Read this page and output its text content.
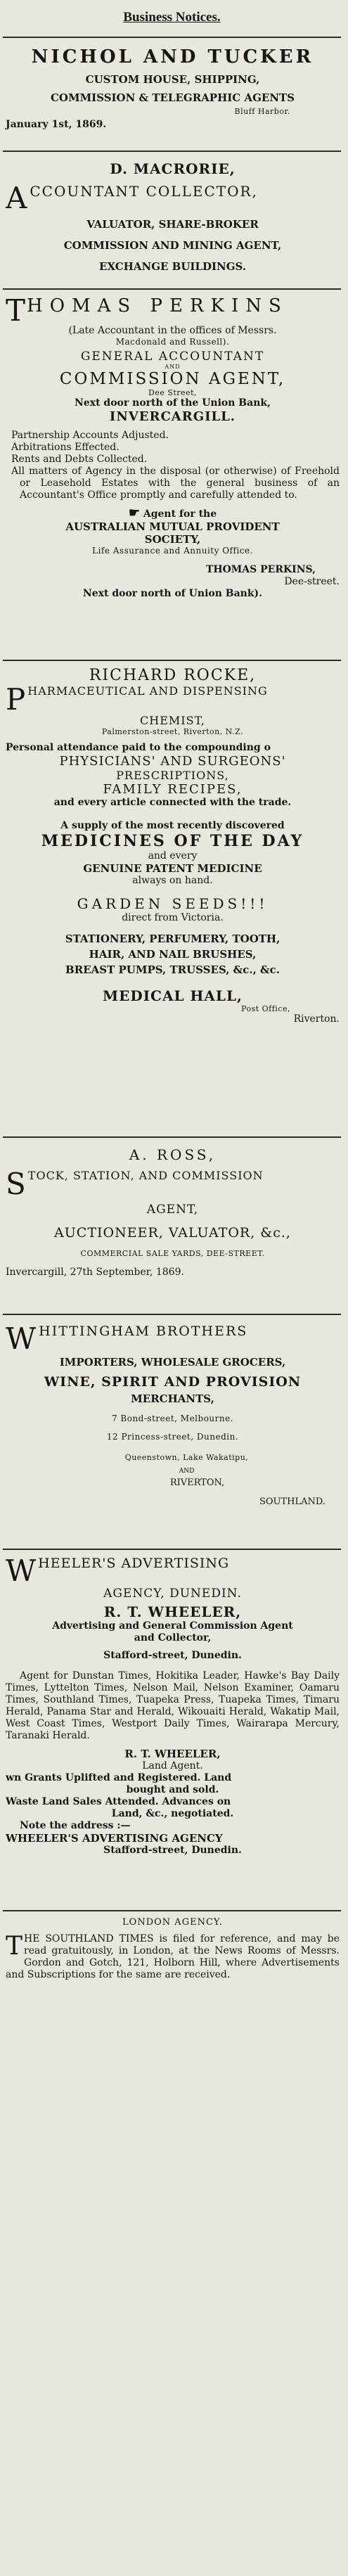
Business Notices.
NICHOL AND TUCKER
CUSTOM HOUSE, SHIPPING,
COMMISSION & TELEGRAPHIC AGENTS
Bluff Harbor.
January 1st, 1869.
D. MACRORIE,
A CCOUNTANT COLLECTOR,
VALUATOR, SHARE-BROKER
COMMISSION AND MINING AGENT,
EXCHANGE BUILDINGS.
T HOMAS PERKINS
(Late Accountant in the offices of Messrs.
Macdonald and Russell).
GENERAL ACCOUNTANT
AND
COMMISSION AGENT,
Dee Street,
Next door north of the Union Bank,
INVERCARGILL.
Partnership Accounts Adjusted.
Arbitrations Effected.
Rents and Debts Collected.
All matters of Agency in the disposal (or otherwise) of Freehold or Leasehold Estates with the general business of an Accountant's Office promptly and carefully attended to.
☛ Agent for the
AUSTRALIAN MUTUAL PROVIDENT
SOCIETY,
Life Assurance and Annuity Office.
THOMAS PERKINS,
Dee-street.
Next door north of Union Bank).
RICHARD ROCKE,
P HARMACEUTICAL AND DISPENSING
CHEMIST,
Palmerston-street, Riverton, N.Z.
Personal attendance paid to the compounding o
PHYSICIANS' AND SURGEONS'
PRESCRIPTIONS,
FAMILY RECIPES,
and every article connected with the trade.
A supply of the most recently discovered
MEDICINES OF THE DAY
and every
GENUINE PATENT MEDICINE
always on hand.
GARDEN SEEDS!!!
direct from Victoria.
STATIONERY, PERFUMERY, TOOTH,
HAIR, AND NAIL BRUSHES,
BREAST PUMPS, TRUSSES, &c., &c.
MEDICAL HALL,
Post Office,
Riverton.
A. ROSS,
S TOCK, STATION, AND COMMISSION
AGENT,
AUCTIONEER, VALUATOR, &c.,
COMMERCIAL SALE YARDS, DEE-STREET.
Invercargill, 27th September, 1869.
W HITTINGHAM BROTHERS
IMPORTERS, WHOLESALE GROCERS,
WINE, SPIRIT AND PROVISION
MERCHANTS,
7 Bond-street, Melbourne.
12 Princess-street, Dunedin.
Queenstown, Lake Wakatipu,
AND
RIVERTON,
SOUTHLAND.
W HEELER'S ADVERTISING
AGENCY, DUNEDIN.
R. T. WHEELER,
Advertising and General Commission Agent
and Collector,
Stafford-street, Dunedin.
Agent for Dunstan Times, Hokitika Leader, Hawke's Bay Daily Times, Lyttelton Times, Nelson Mail, Nelson Examiner, Oamaru Times, Southland Times, Tuapeka Press, Tuapeka Times, Timaru Herald, Panama Star and Herald, Wikouaiti Herald, Wakatip Mail, West Coast Times, Westport Daily Times, Wairarapa Mercury, Taranaki Herald.
R. T. WHEELER,
Land Agent.
wn Grants Uplifted and Registered. Land
bought and sold.
Waste Land Sales Attended. Advances on
Land, &c., negotiated.
Note the address :—
WHEELER'S ADVERTISING AGENCY
Stafford-street, Dunedin.
LONDON AGENCY.
T HE SOUTHLAND TIMES is filed for reference, and may be read gratuitously, in London, at the News Rooms of Messrs. Gordon and Gotch, 121, Holborn Hill, where Advertisements and Subscriptions for the same are received.
